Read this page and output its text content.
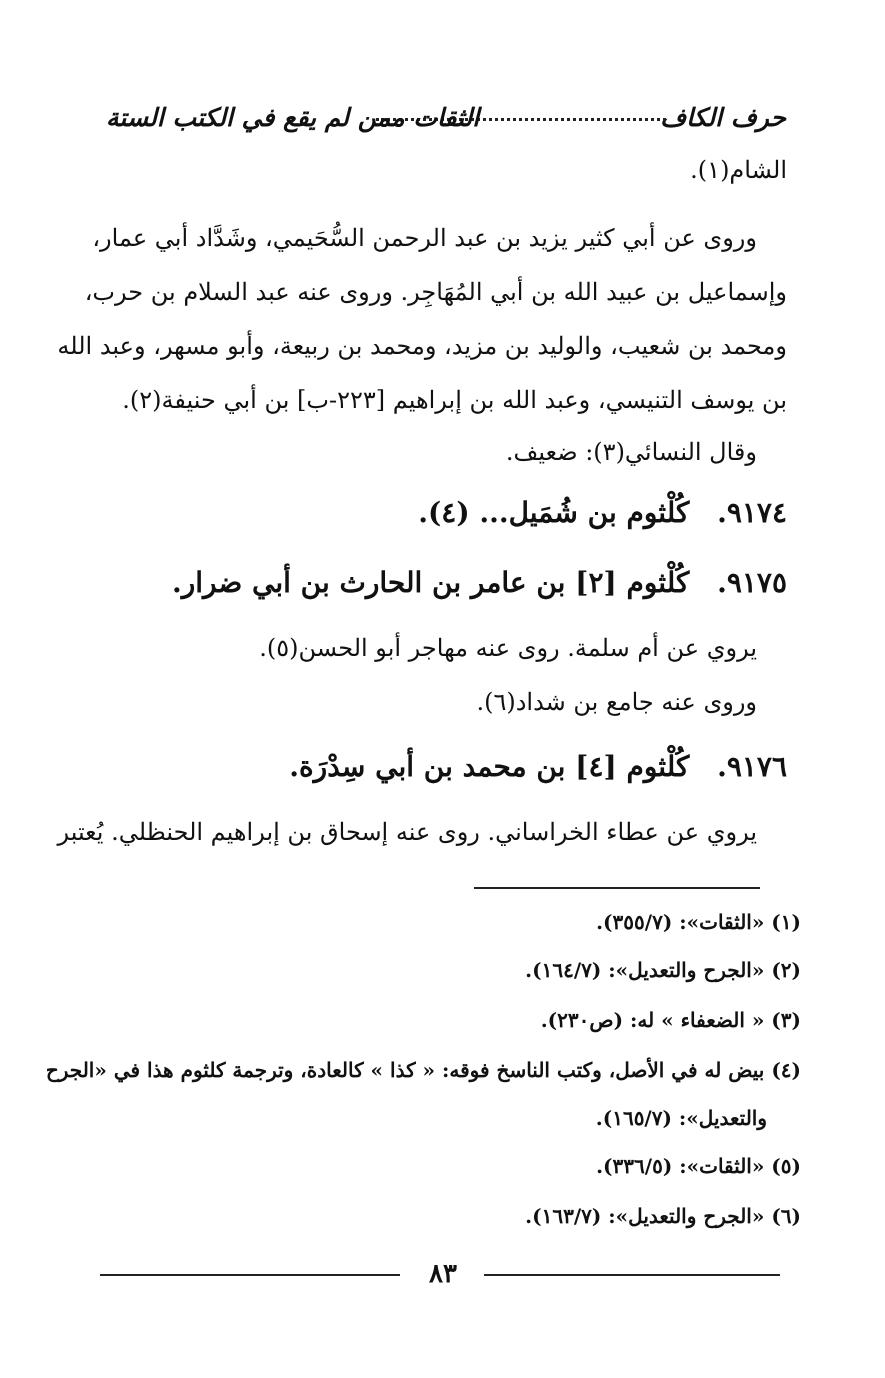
حرف الكاف
الثقات ممن لم يقع في الكتب الستة
الشام(١).
وروى عن أبي كثير يزيد بن عبد الرحمن السُّحَيمي، وشَدَّاد أبي عمار،
وإسماعيل بن عبيد الله بن أبي المُهَاجِر. وروى عنه عبد السلام بن حرب،
ومحمد بن شعيب، والوليد بن مزيد، ومحمد بن ربيعة، وأبو مسهر، وعبد الله
بن يوسف التنيسي، وعبد الله بن إبراهيم [٢٢٣-ب] بن أبي حنيفة(٢).
وقال النسائي(٣): ضعيف.
٩١٧٤. كُلْثوم بن شُمَيل... (٤).
٩١٧٥. كُلْثوم [٢] بن عامر بن الحارث بن أبي ضرار.
يروي عن أم سلمة. روى عنه مهاجر أبو الحسن(٥).
وروى عنه جامع بن شداد(٦).
٩١٧٦. كُلْثوم [٤] بن محمد بن أبي سِدْرَة.
يروي عن عطاء الخراساني. روى عنه إسحاق بن إبراهيم الحنظلي. يُعتبر
(١) «الثقات»: (٣٥٥/٧).
(٢) «الجرح والتعديل»: (١٦٤/٧).
(٣) « الضعفاء » له: (ص٢٣٠).
(٤) بيض له في الأصل، وكتب الناسخ فوقه: « كذا » كالعادة، وترجمة كلثوم هذا في «الجرح
والتعديل»: (١٦٥/٧).
(٥) «الثقات»: (٣٣٦/٥).
(٦) «الجرح والتعديل»: (١٦٣/٧).
٨٣
